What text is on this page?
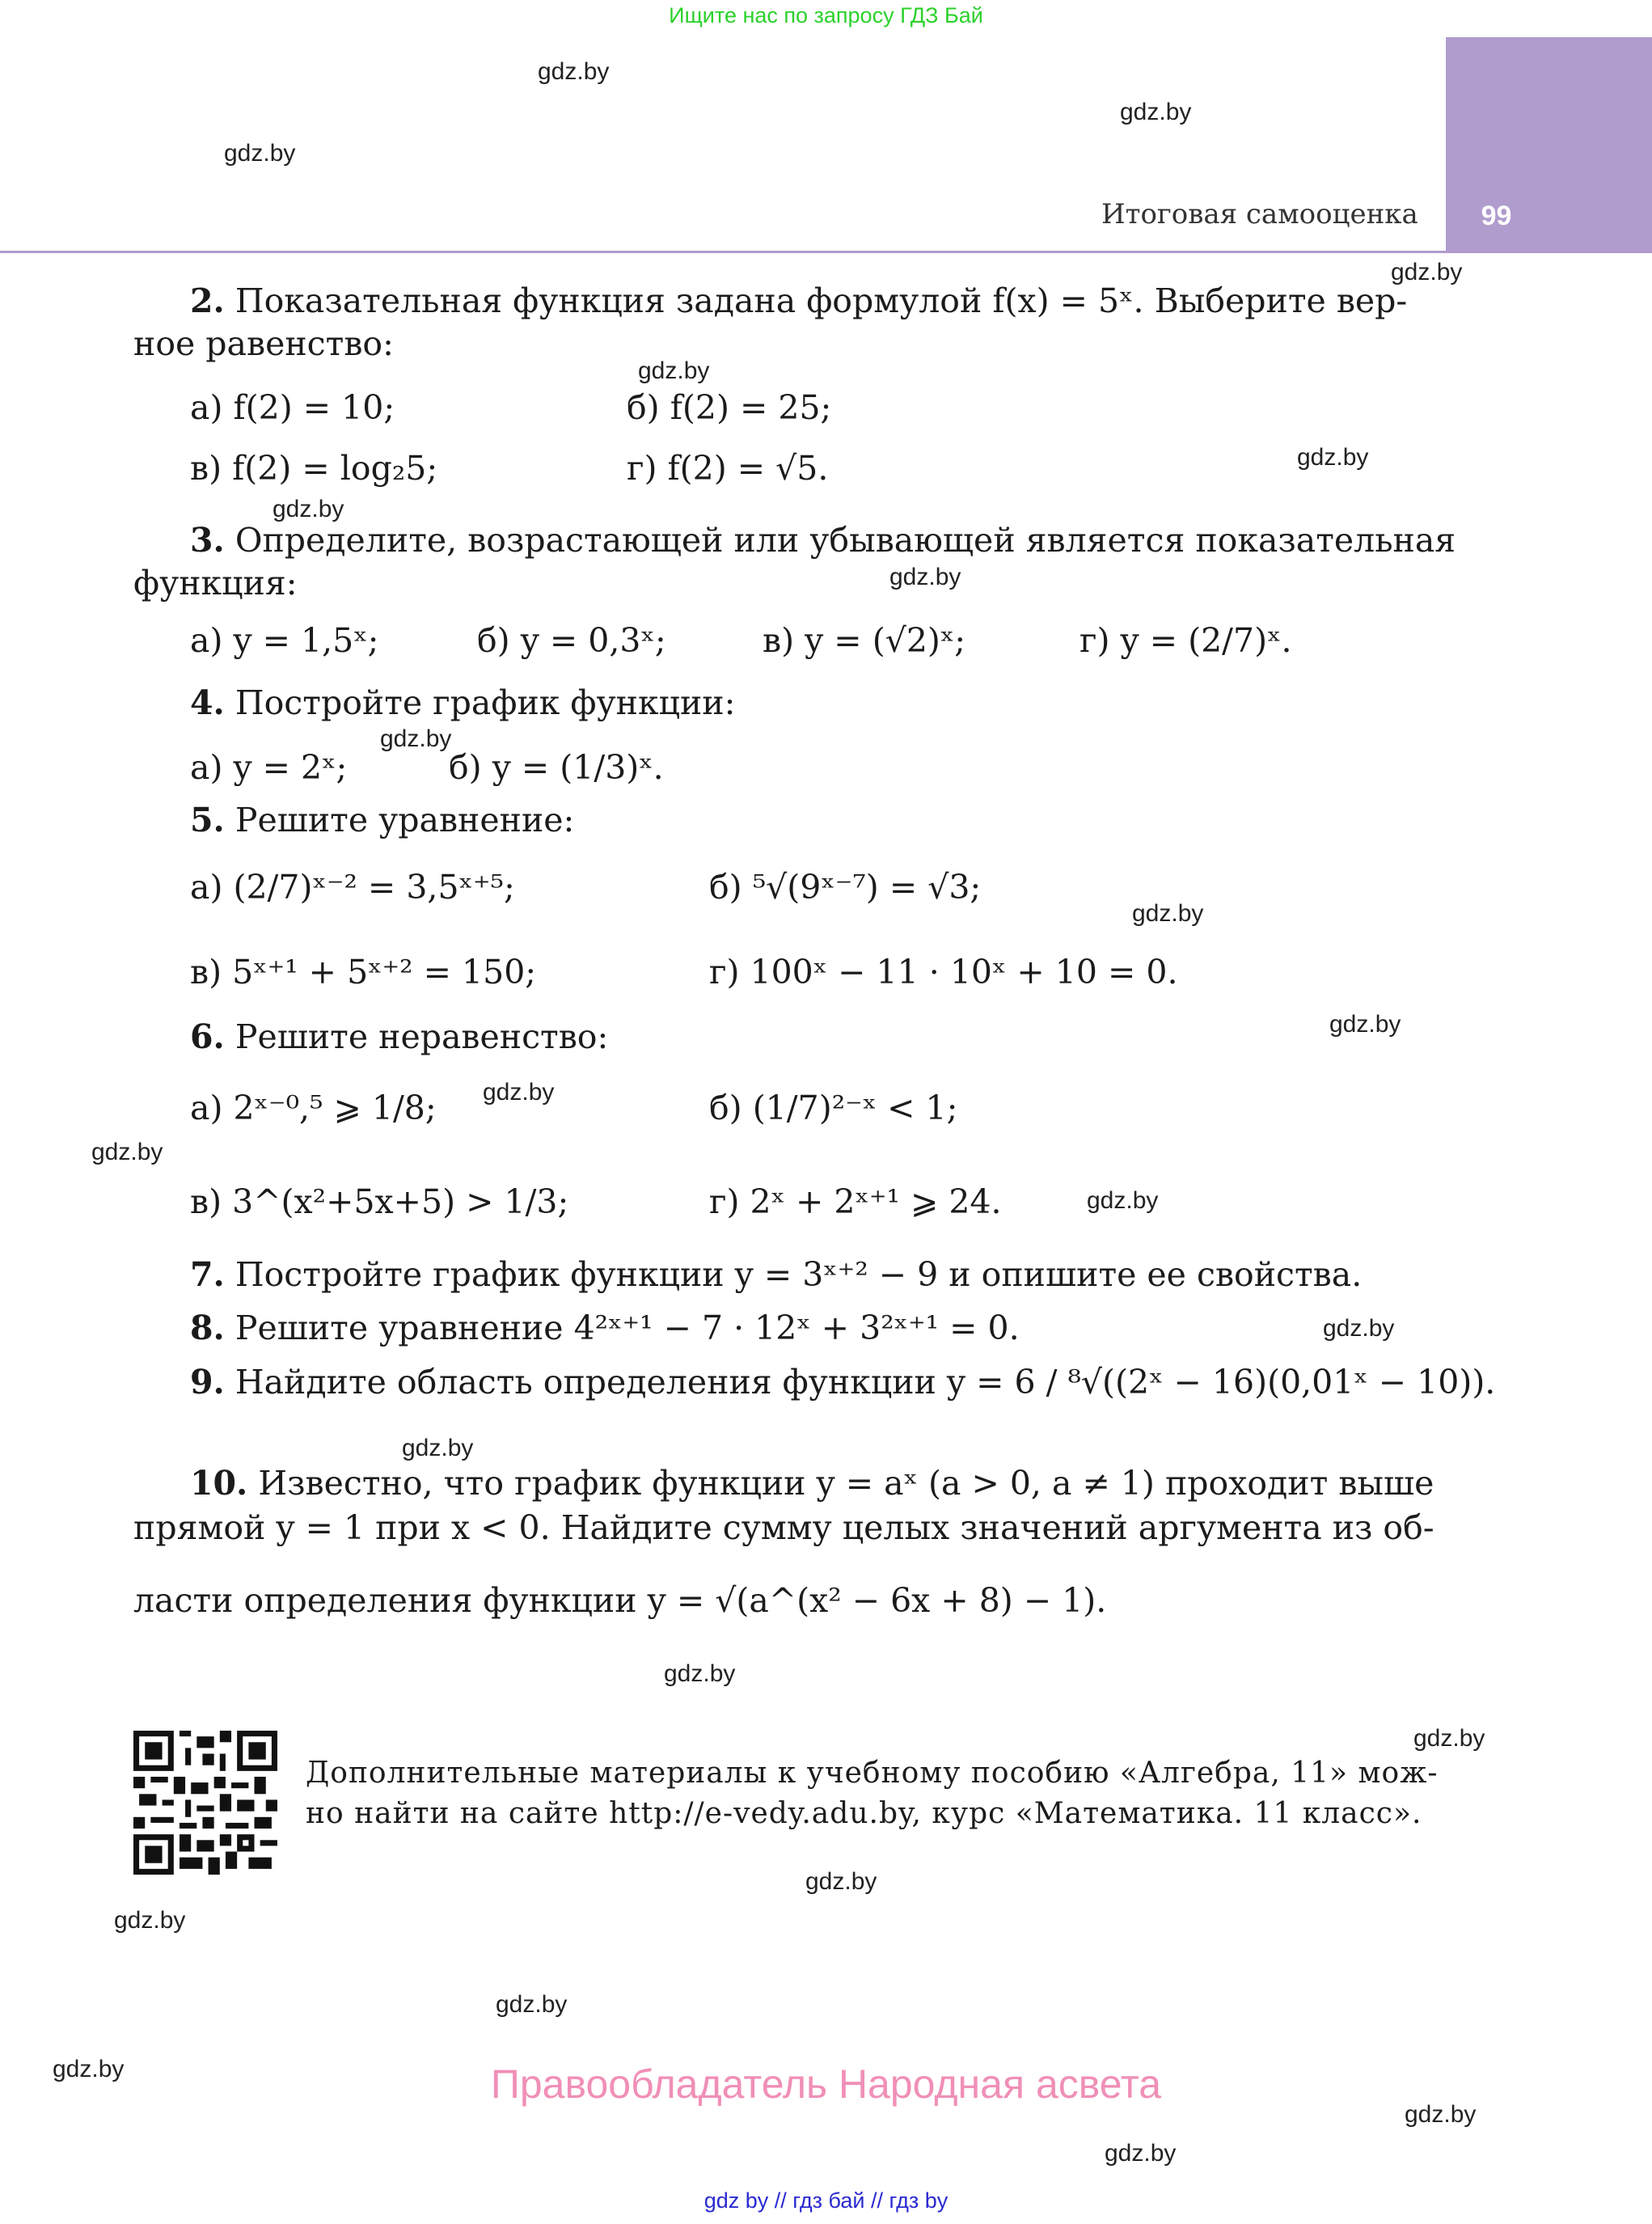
Ищите нас по запросу ГДЗ Бай
99
Итоговая самооценка
gdz.by
gdz.by
gdz.by
gdz.by
gdz.by
gdz.by
gdz.by
gdz.by
gdz.by
gdz.by
gdz.by
gdz.by
gdz.by
gdz.by
gdz.by
gdz.by
gdz.by
gdz.by
gdz.by
gdz.by
gdz.by
gdz.by
gdz.by
gdz.by
2. Показательная функция задана формулой f(x) = 5ˣ. Выберите вер-
ное равенство:
а) f(2) = 10;	б) f(2) = 25;
в) f(2) = log₂5;	г) f(2) = √5.
3. Определите, возрастающей или убывающей является показательная
функция:
а) y = 1,5ˣ;	б) y = 0,3ˣ;	в) y = (√2)ˣ;	г) y = (2/7)ˣ.
4. Постройте график функции:
а) y = 2ˣ;	б) y = (1/3)ˣ.
5. Решите уравнение:
а) (2/7)ˣ⁻² = 3,5ˣ⁺⁵;	б) ⁵√(9ˣ⁻⁷) = √3;
в) 5ˣ⁺¹ + 5ˣ⁺² = 150;	г) 100ˣ − 11 · 10ˣ + 10 = 0.
6. Решите неравенство:
а) 2ˣ⁻⁰,⁵ ⩾ 1/8;	б) (1/7)²⁻ˣ < 1;
в) 3^(x²+5x+5) > 1/3;	г) 2ˣ + 2ˣ⁺¹ ⩾ 24.
7. Постройте график функции y = 3ˣ⁺² − 9 и опишите ее свойства.
8. Решите уравнение 4²ˣ⁺¹ − 7 · 12ˣ + 3²ˣ⁺¹ = 0.
9. Найдите область определения функции y = 6 / ⁸√((2ˣ − 16)(0,01ˣ − 10)).
10. Известно, что график функции y = aˣ (a > 0, a ≠ 1) проходит выше
прямой y = 1 при x < 0. Найдите сумму целых значений аргумента из об-
ласти определения функции y = √(a^(x² − 6x + 8) − 1).
Дополнительные материалы к учебному пособию «Алгебра, 11» мож-
но найти на сайте http://e-vedy.adu.by, курс «Математика. 11 класс».
Правообладатель Народная асвета
gdz by // гдз бай // гдз by
